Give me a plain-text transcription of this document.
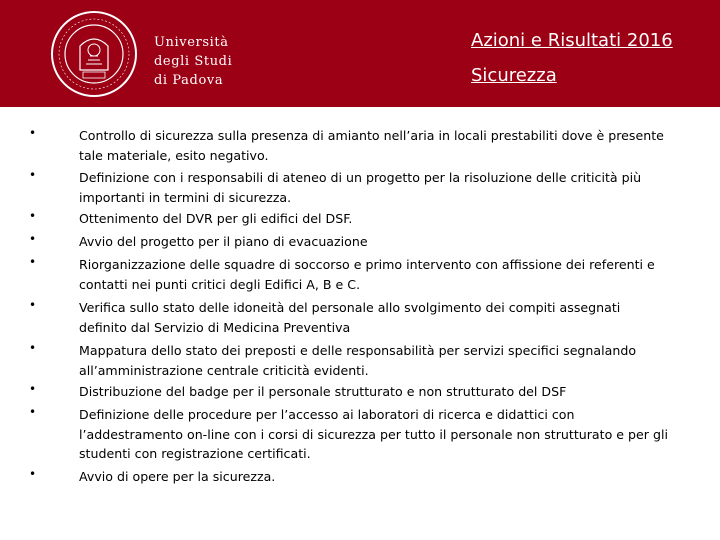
Università
degli Studi
di Padova
Azioni e Risultati 2016
Sicurezza
•	Controllo di sicurezza sulla presenza di amianto nell’aria in locali prestabiliti dove è presente
tale materiale, esito negativo.
•	Definizione con i responsabili di ateneo di un progetto per la risoluzione delle criticità più
importanti in termini di sicurezza.
•	Ottenimento del DVR per gli edifici del DSF.
•	Avvio del progetto per il piano di evacuazione
•	Riorganizzazione delle squadre di soccorso e primo intervento con affissione dei referenti e
contatti nei punti critici degli Edifici A, B e C.
•	Verifica sullo stato delle idoneità del personale allo svolgimento dei compiti assegnati
definito dal Servizio di Medicina Preventiva
•	Mappatura dello stato dei preposti e delle responsabilità per servizi specifici segnalando
all’amministrazione centrale criticità evidenti.
•	Distribuzione del badge per il personale strutturato e non strutturato del DSF
•	Definizione delle procedure per l’accesso ai laboratori di ricerca e didattici con
l’addestramento on-line con i corsi di sicurezza per tutto il personale non strutturato e per gli
studenti con registrazione certificati.
•	Avvio di opere per la sicurezza.
